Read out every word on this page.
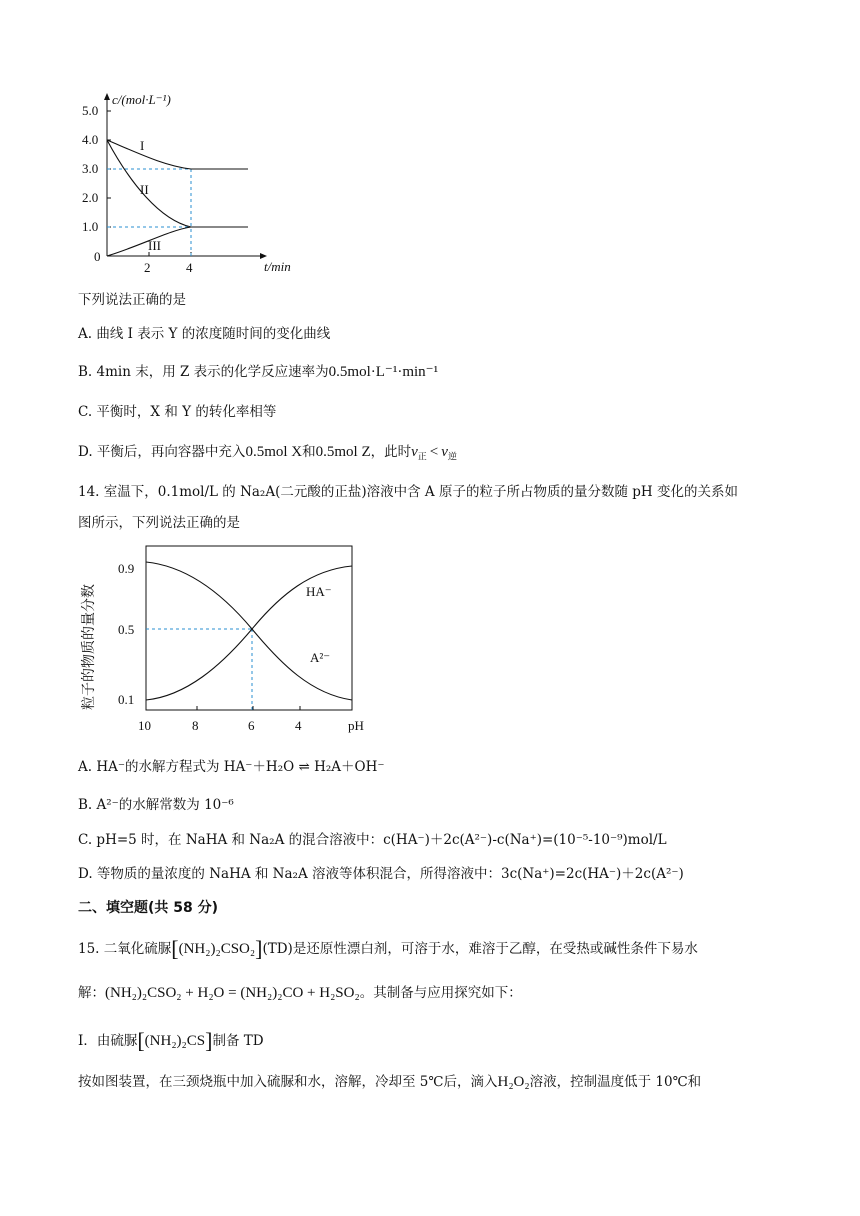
5.0
4.0
3.0
2.0
1.0
0
2	4
c/(mol·L⁻¹)
t/min
I
II
III
下列说法正确的是
A. 曲线 I 表示 Y 的浓度随时间的变化曲线
B. 4min 末，用 Z 表示的化学反应速率为0.5mol·L⁻¹·min⁻¹
C. 平衡时，X 和 Y 的转化率相等
D. 平衡后，再向容器中充入0.5mol X和0.5mol Z，此时$v_正 < v_逆$
14. 室温下，0.1mol/L 的 Na₂A(二元酸的正盐)溶液中含 A 原子的粒子所占物质的量分数随 pH 变化的关系如
图所示，下列说法正确的是
粒子的物质的量分数
0.9
0.5
0.1
10	8	6	4	pH
HA⁻
A²⁻
A. HA⁻的水解方程式为 HA⁻＋H₂O ⇌ H₂A＋OH⁻
B. A²⁻的水解常数为 10⁻⁶
C. pH=5 时，在 NaHA 和 Na₂A 的混合溶液中：c(HA⁻)＋2c(A²⁻)-c(Na⁺)=(10⁻⁵-10⁻⁹)mol/L
D. 等物质的量浓度的 NaHA 和 Na₂A 溶液等体积混合，所得溶液中：3c(Na⁺)=2c(HA⁻)＋2c(A²⁻)
二、填空题(共 58 分)
15. 二氧化硫脲[(NH₂)₂CSO₂](TD)是还原性漂白剂，可溶于水，难溶于乙醇，在受热或碱性条件下易水
解：(NH₂)₂CSO₂ + H₂O = (NH₂)₂CO + H₂SO₂。其制备与应用探究如下：
Ⅰ．由硫脲[(NH₂)₂CS]制备 TD
按如图装置，在三颈烧瓶中加入硫脲和水，溶解，冷却至 5℃后，滴入H₂O₂溶液，控制温度低于 10℃和
